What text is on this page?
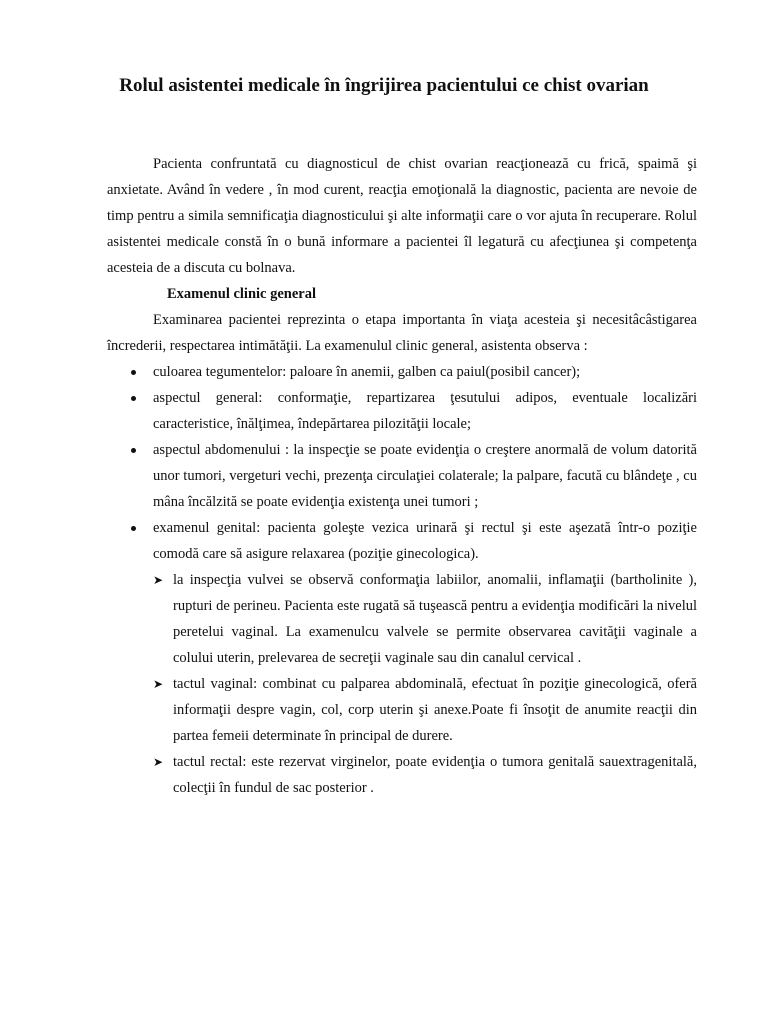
Rolul asistentei medicale în îngrijirea pacientului ce chist ovarian

Pacienta confruntată cu diagnosticul de chist ovarian reacţionează cu frică, spaimă şi anxietate. Având în vedere , în mod curent, reacţia emoţională la diagnostic, pacienta are nevoie de timp pentru a simila semnificaţia diagnosticului şi alte informaţii care o vor ajuta în recuperare. Rolul asistentei medicale constă în o bună informare a pacientei îl legatură cu afecţiunea şi competenţa acesteia de a discuta cu bolnava.

Examenul clinic general

Examinarea pacientei reprezinta o etapa importanta în viaţa acesteia şi necesitâcâstigarea încrederii, respectarea intimătăţii. La examenulul clinic general, asistenta observa :

culoarea tegumentelor: paloare în anemii, galben ca paiul(posibil cancer);
aspectul general: conformaţie, repartizarea ţesutului adipos, eventuale localizări caracteristice, înălţimea, îndepărtarea pilozităţii locale;
aspectul abdomenului : la inspecţie se poate evidenţia o creştere anormală de volum datorită unor tumori, vergeturi vechi, prezenţa circulaţiei colaterale; la palpare, facută cu blândeţe , cu mâna încălzită se poate evidenţia existenţa unei tumori ;
examenul genital: pacienta goleşte vezica urinară şi rectul şi este aşezată într-o poziţie comodă care să asigure relaxarea (poziţie ginecologica).
➤ la inspecţia vulvei se observă conformaţia labiilor, anomalii, inflamaţii (bartholinite ), rupturi de perineu. Pacienta este rugată să tuşească pentru a evidenţia modificări la nivelul peretelui vaginal. La examenulcu valvele se permite observarea cavităţii vaginale a colului uterin, prelevarea de secreţii vaginale sau din canalul cervical .
➤ tactul vaginal: combinat cu palparea abdominală, efectuat în poziţie ginecologică, oferă informaţii despre vagin, col, corp uterin şi anexe.Poate fi însoţit de anumite reacţii din partea femeii determinate în principal de durere.
➤ tactul rectal: este rezervat virginelor, poate evidenţia o tumora genitală sauextragenitală, colecţii în fundul de sac posterior .
